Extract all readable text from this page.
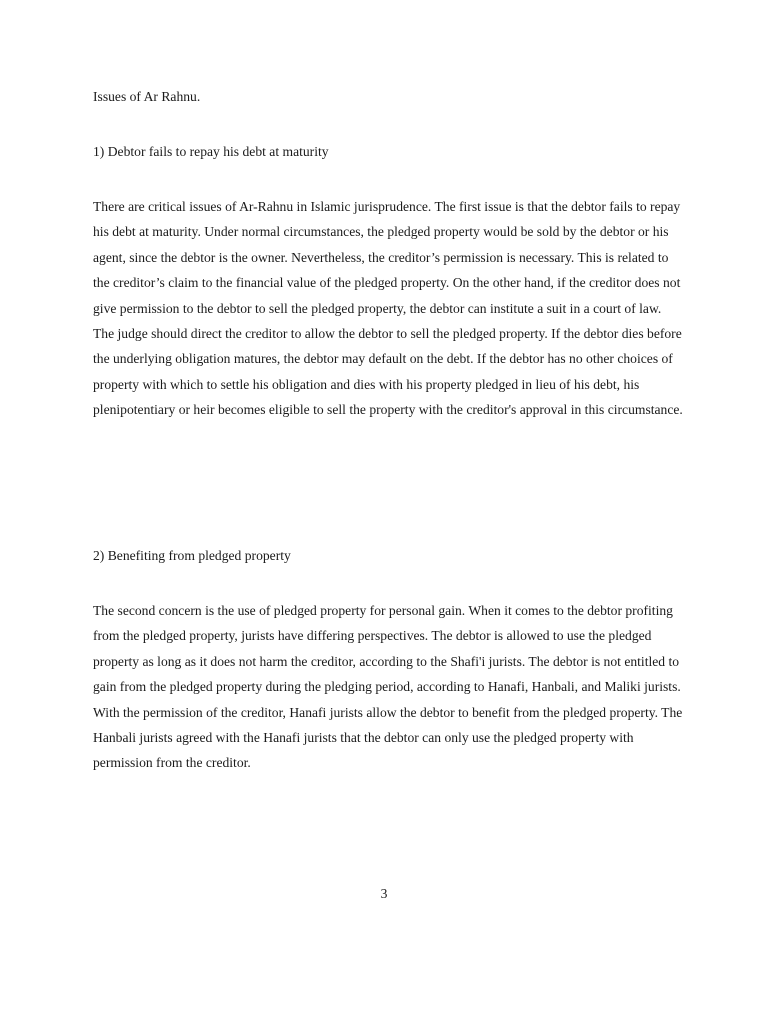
Issues of Ar Rahnu.

1) Debtor fails to repay his debt at maturity

There are critical issues of Ar-Rahnu in Islamic jurisprudence. The first issue is that the debtor fails to repay his debt at maturity. Under normal circumstances, the pledged property would be sold by the debtor or his agent, since the debtor is the owner. Nevertheless, the creditor’s permission is necessary. This is related to the creditor’s claim to the financial value of the pledged property. On the other hand, if the creditor does not give permission to the debtor to sell the pledged property, the debtor can institute a suit in a court of law. The judge should direct the creditor to allow the debtor to sell the pledged property. If the debtor dies before the underlying obligation matures, the debtor may default on the debt. If the debtor has no other choices of property with which to settle his obligation and dies with his property pledged in lieu of his debt, his plenipotentiary or heir becomes eligible to sell the property with the creditor's approval in this circumstance.

2) Benefiting from pledged property

The second concern is the use of pledged property for personal gain. When it comes to the debtor profiting from the pledged property, jurists have differing perspectives. The debtor is allowed to use the pledged property as long as it does not harm the creditor, according to the Shafi'i jurists. The debtor is not entitled to gain from the pledged property during the pledging period, according to Hanafi, Hanbali, and Maliki jurists. With the permission of the creditor, Hanafi jurists allow the debtor to benefit from the pledged property. The Hanbali jurists agreed with the Hanafi jurists that the debtor can only use the pledged property with permission from the creditor.

3
